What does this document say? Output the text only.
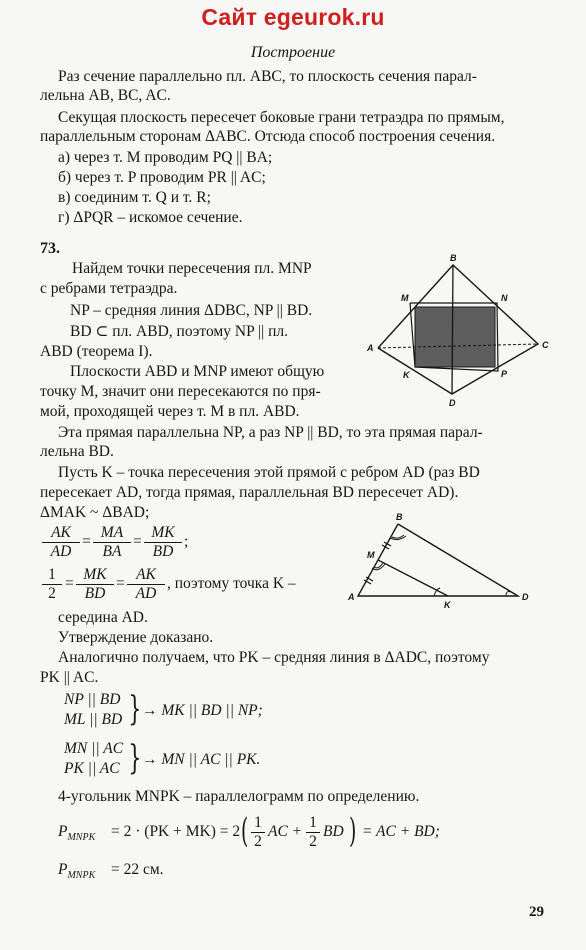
Сайт egeurok.ru
Построение
Раз сечение параллельно пл. ABC, то плоскость сечения парал-
лельна AB, BC, AC.
Секущая плоскость пересечет боковые грани тетраэдра по прямым,
параллельным сторонам ΔABC. Отсюда способ построения сечения.
а) через т. M проводим PQ || BA;
б) через т. P проводим PR || AC;
в) соединим т. Q и т. R;
г) ΔPQR – искомое сечение.
73.
Найдем точки пересечения пл. MNP
с ребрами тетраэдра.
NP – средняя линия ΔDBC, NP || BD.
BD ⊂ пл. ABD, поэтому NP || пл.
ABD (теорема I).
Плоскости ABD и MNP имеют общую
точку M, значит они пересекаются по пря-
мой, проходящей через т. M в пл. ABD.
Эта прямая параллельна NP, а раз NP || BD, то эта прямая парал-
лельна BD.
Пусть K – точка пересечения этой прямой с ребром AD (раз BD
пересекает AD, тогда прямая, параллельная BD пересечет AD).
ΔMAK ~ ΔBAD;
$\frac{AK}{AD} = \frac{MA}{BA} = \frac{MK}{BD}$ ;
$\frac{1}{2} = \frac{MK}{BD} = \frac{AK}{AD}$ , поэтому точка K –
середина AD.
Утверждение доказано.
Аналогично получаем, что PK – средняя линия в ΔADC, поэтому
PK || AC.
NP || BD
ML || BD } → MK || BD || NP;
MN || AC
PK || AC } → MN || AC || PK.
4-угольник MNPK – параллелограмм по определению.
$P_{MNPK} = 2 \cdot (PK + MK) = 2$ ( $\frac{1}{2}$ AC + $\frac{1}{2}$ BD ) = AC + BD;
$P_{MNPK} = 22$ см.
29
B
A	C
D
M	N
K	P
B
M
A
K
D
